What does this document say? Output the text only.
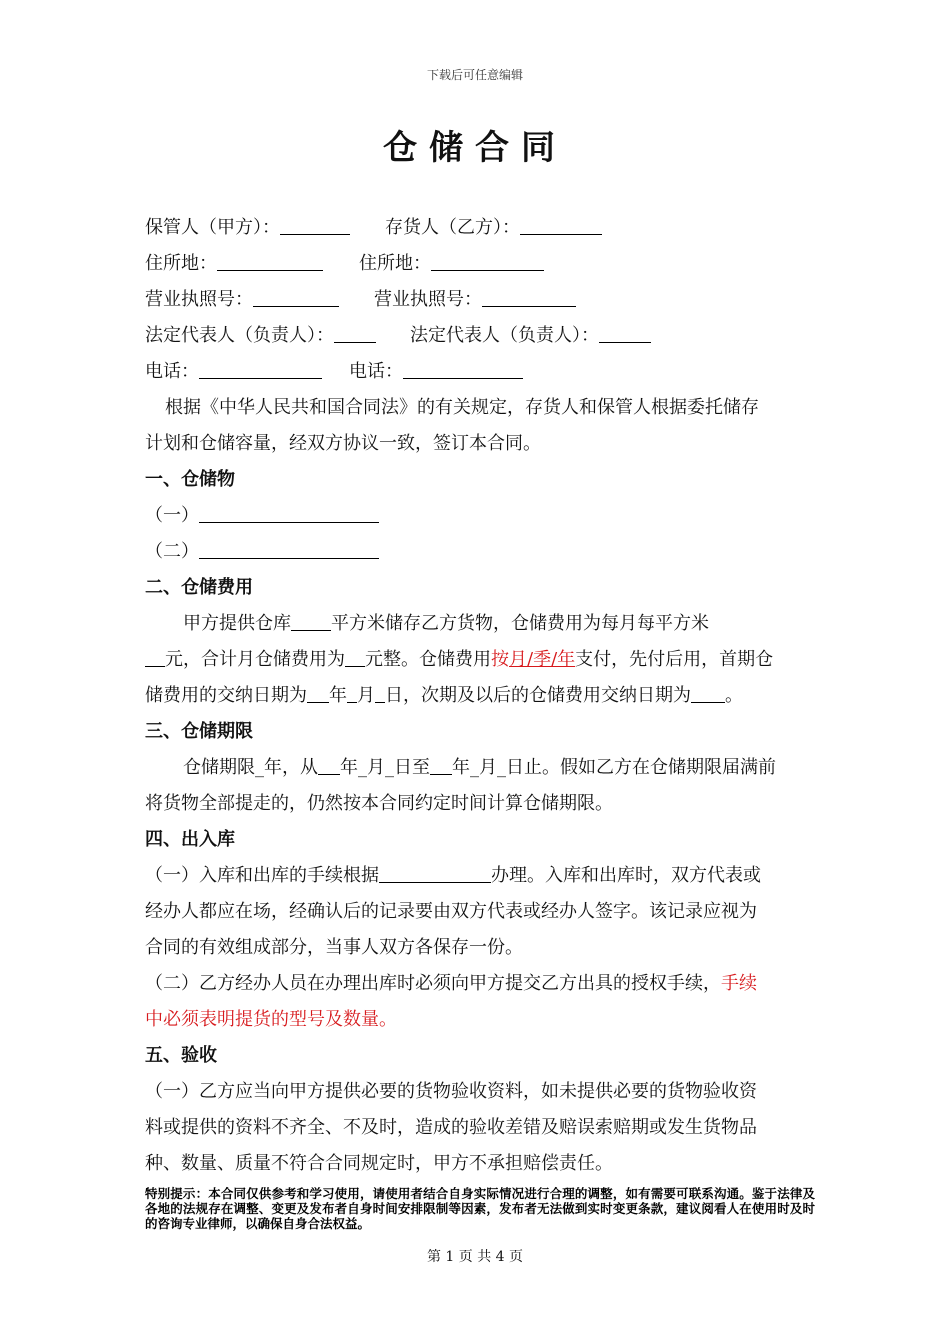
下载后可任意编辑
仓储合同
保管人（甲方）：	存货人（乙方）：
住所地：	住所地：
营业执照号：	营业执照号：
法定代表人（负责人）：	法定代表人（负责人）：
电话：	电话：
根据《中华人民共和国合同法》的有关规定，存货人和保管人根据委托储存
计划和仓储容量，经双方协议一致，签订本合同。
一、仓储物
（一）
（二）
二、仓储费用
甲方提供仓库 平方米储存乙方货物，仓储费用为每月每平方米
元，合计月仓储费用为 元整。仓储费用按月/季/年支付，先付后用，首期仓
储费用的交纳日期为 年 月 日，次期及以后的仓储费用交纳日期为 。
三、仓储期限
仓储期限_年，从 年_月_日至 年_月_日止。假如乙方在仓储期限届满前
将货物全部提走的，仍然按本合同约定时间计算仓储期限。
四、出入库
（一）入库和出库的手续根据	办理。入库和出库时，双方代表或
经办人都应在场，经确认后的记录要由双方代表或经办人签字。该记录应视为
合同的有效组成部分，当事人双方各保存一份。
（二）乙方经办人员在办理出库时必须向甲方提交乙方出具的授权手续，手续
中必须表明提货的型号及数量。
五、验收
（一）乙方应当向甲方提供必要的货物验收资料，如未提供必要的货物验收资
料或提供的资料不齐全、不及时，造成的验收差错及赔误索赔期或发生货物品
种、数量、质量不符合合同规定时，甲方不承担赔偿责任。
特别提示：本合同仅供参考和学习使用，请使用者结合自身实际情况进行合理的调整，如有需要可联系沟通。鉴于法律及各地的法规存在调整、变更及发布者自身时间安排限制等因素，发布者无法做到实时变更条款，建议阅看人在使用时及时的咨询专业律师，以确保自身合法权益。
第 1 页 共 4 页
